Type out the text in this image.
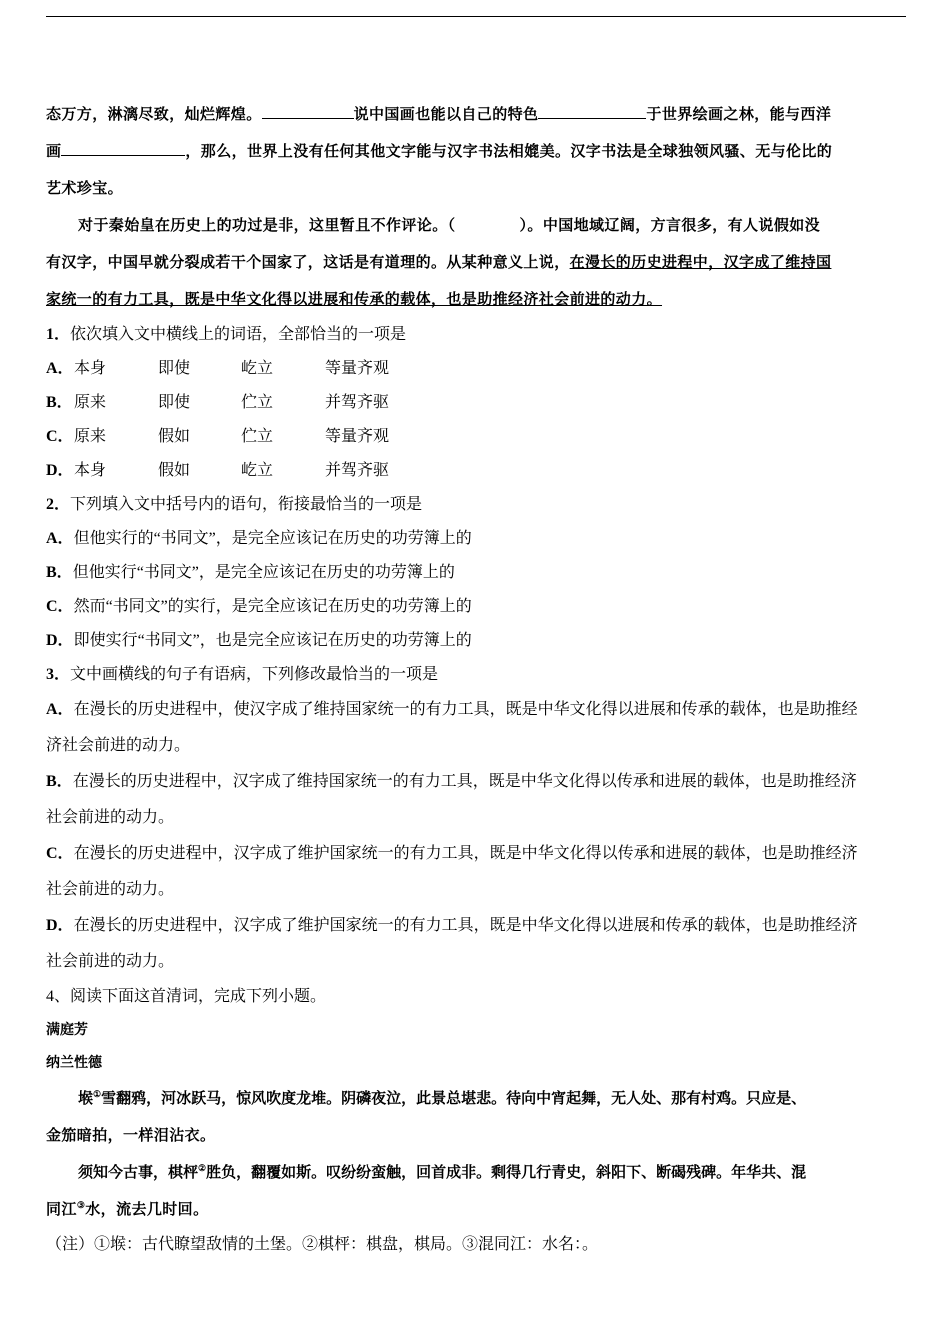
态万方，淋漓尽致，灿烂辉煌。	说中国画也能以自己的特色	于世界绘画之林，能与西洋
画	，那么，世界上没有任何其他文字能与汉字书法相媲美。汉字书法是全球独领风骚、无与伦比的
艺术珍宝。

对于秦始皇在历史上的功过是非，这里暂且不作评论。（	）。中国地域辽阔，方言很多，有人说假如没

有汉字，中国早就分裂成若干个国家了，这话是有道理的。从某种意义上说，在漫长的历史进程中，汉字成了维持国
家统一的有力工具，既是中华文化得以进展和传承的载体，也是助推经济社会前进的动力。

1．依次填入文中横线上的词语，全部恰当的一项是

A． 本身	即使	屹立	等量齐观
B． 原来	即使	伫立	并驾齐驱
C． 原来	假如	伫立	等量齐观
D． 本身	假如	屹立	并驾齐驱

2．下列填入文中括号内的语句，衔接最恰当的一项是

A．但他实行的“书同文”，是完全应该记在历史的功劳簿上的

B．但他实行“书同文”，是完全应该记在历史的功劳簿上的

C．然而“书同文”的实行，是完全应该记在历史的功劳簿上的

D．即使实行“书同文”，也是完全应该记在历史的功劳簿上的

3．文中画横线的句子有语病，下列修改最恰当的一项是

A．在漫长的历史进程中，使汉字成了维持国家统一的有力工具，既是中华文化得以进展和传承的载体，也是助推经
济社会前进的动力。

B．在漫长的历史进程中，汉字成了维持国家统一的有力工具，既是中华文化得以传承和进展的载体，也是助推经济
社会前进的动力。

C．在漫长的历史进程中，汉字成了维护国家统一的有力工具，既是中华文化得以传承和进展的载体，也是助推经济
社会前进的动力。

D．在漫长的历史进程中，汉字成了维护国家统一的有力工具，既是中华文化得以进展和传承的载体，也是助推经济
社会前进的动力。

4、阅读下面这首清词，完成下列小题。

满庭芳

纳兰性德

堠①雪翻鸦，河冰跃马，惊风吹度龙堆。阴磷夜泣，此景总堪悲。待向中宵起舞，无人处、那有村鸡。只应是、

金笳暗拍，一样泪沾衣。

须知今古事，棋枰②胜负，翻覆如斯。叹纷纷蛮触，回首成非。剩得几行青史，斜阳下、断碣残碑。年华共、混

同江③水，流去几时回。

（注）①堠：古代瞭望敌情的土堡。②棋枰：棋盘，棋局。③混同江：水名：。
